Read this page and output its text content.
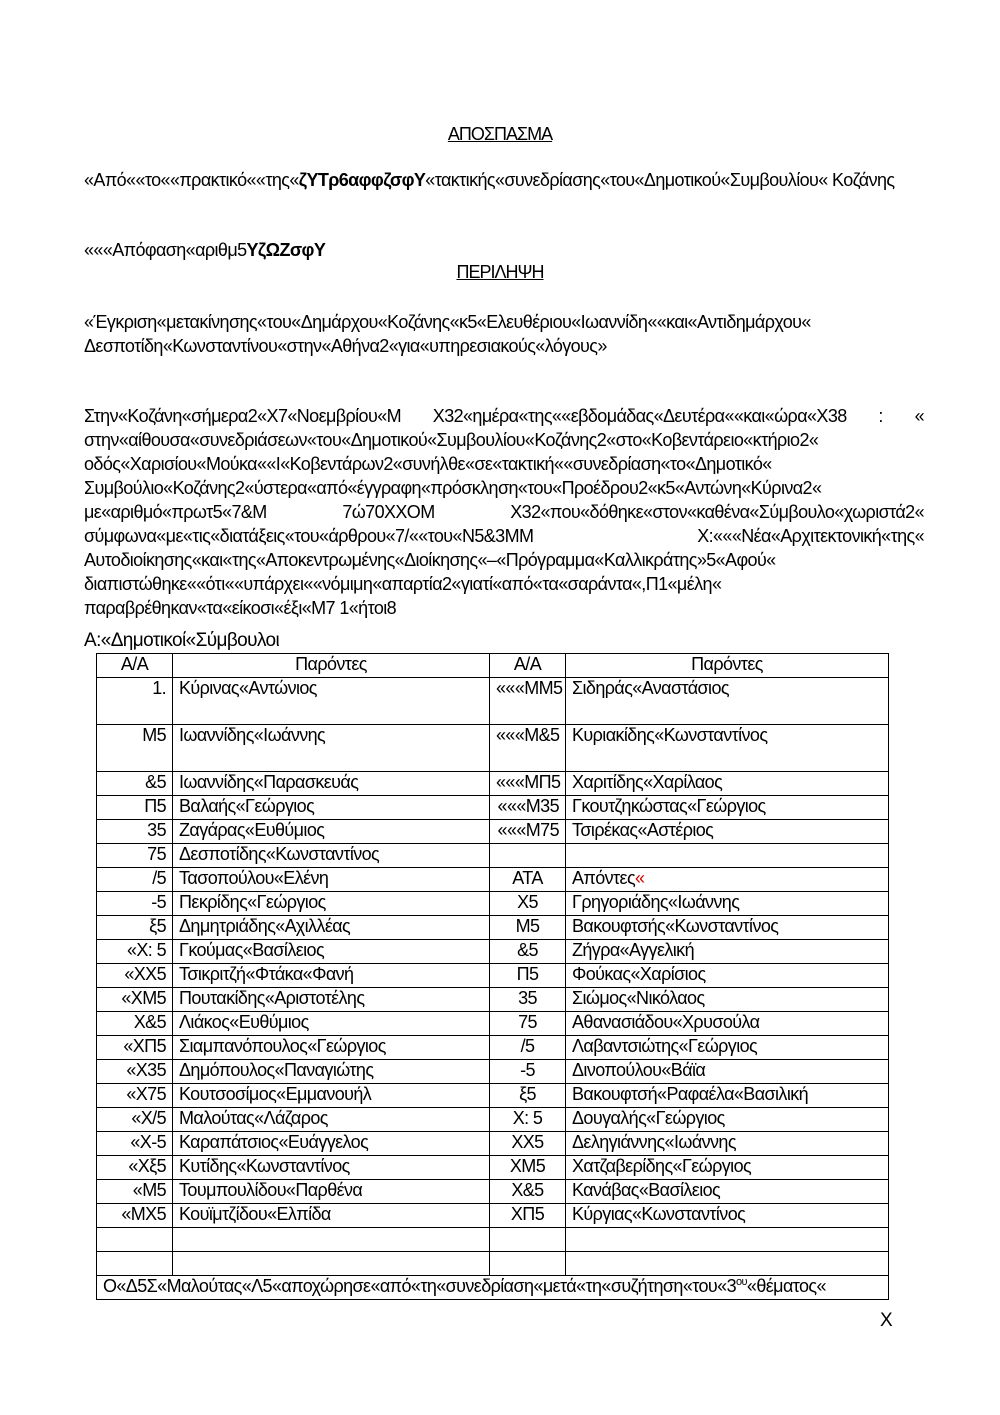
ΑΠΟΣΠΑΣΜΑ
«Από««το««πρακτικό««της«ζΥΤρ6αφφζσφΥ«τακτικής«συνεδρίασης«του«Δημοτικού«Συμβουλίου« Κοζάνης
«««Απόφαση«αριθμ5ΥζΩΖσφΥ
ΠΕΡΙΛΗΨΗ
«Έγκριση«μετακίνησης«του«Δημάρχου«Κοζάνης«κ5«Ελευθέριου«Ιωαννίδη««και«Αντιδημάρχου« Δεσποτίδη«Κωνσταντίνου«στην«Αθήνα2«για«υπηρεσιακούς«λόγους»
Στην«Κοζάνη«σήμερα2«Χ7«Νοεμβρίου«Μ Χ32«ημέρα«της««εβδομάδας«Δευτέρα««και«ώρα«Χ38 : « στην«αίθουσα«συνεδριάσεων«του«Δημοτικού«Συμβουλίου«Κοζάνης2«στο«Κοβεντάρειο«κτήριο2« οδός«Χαρισίου«Μούκα««Ι«Κοβεντάρων2«συνήλθε«σε«τακτική««συνεδρίαση«το«Δημοτικό« Συμβούλιο«Κοζάνης2«ύστερα«από«έγγραφη«πρόσκληση«του«Προέδρου2«κ5«Αντώνη«Κύρινα2« με«αριθμό«πρωτ5«7&Μ 7ώ70ΧΧΟΜ Χ32«που«δόθηκε«στον«καθένα«Σύμβουλο«χωριστά2« σύμφωνα«με«τις«διατάξεις«του«άρθρου«7/««του«Ν5&3ΜΜ Χ:«««Νέα«Αρχιτεκτονική«της« Αυτοδιοίκησης«και«της«Αποκεντρωμένης«Διοίκησης«–«Πρόγραμμα«Καλλικράτης»5«Αφού« διαπιστώθηκε««ότι««υπάρχει««νόμιμη«απαρτία2«γιατί«από«τα«σαράντα«,Π1«μέλη« παραβρέθηκαν«τα«είκοσι«έξι«Μ7 1«ήτοι8
Α:«Δημοτικοί«Σύμβουλοι
Α/Α	Παρόντες	Α/Α	Παρόντες
1.	Κύρινας«Αντώνιος	«««ΜΜ5	Σιδηράς«Αναστάσιος
Μ5	Ιωαννίδης«Ιωάννης	«««Μ&5	Κυριακίδης«Κωνσταντίνος
&5	Ιωαννίδης«Παρασκευάς	«««ΜΠ5	Χαριτίδης«Χαρίλαος
Π5	Βαλαής«Γεώργιος	«««Μ35	Γκουτζηκώστας«Γεώργιος
35	Ζαγάρας«Ευθύμιος	«««Μ75	Τσιρέκας«Αστέριος
75	Δεσποτίδης«Κωνσταντίνος		
/5	Τασοπούλου«Ελένη	ΑΤΑ	Απόντες«
-5	Πεκρίδης«Γεώργιος	Χ5	Γρηγοριάδης«Ιωάννης
ξ5	Δημητριάδης«Αχιλλέας	Μ5	Βακουφτσής«Κωνσταντίνος
«Χ: 5	Γκούμας«Βασίλειος	&5	Ζήγρα«Αγγελική
«ΧΧ5	Τσικριτζή«Φτάκα«Φανή	Π5	Φούκας«Χαρίσιος
«ΧΜ5	Πουτακίδης«Αριστοτέλης	35	Σιώμος«Νικόλαος
Χ&5	Λιάκος«Ευθύμιος	75	Αθανασιάδου«Χρυσούλα
«ΧΠ5	Σιαμπανόπουλος«Γεώργιος	/5	Λαβαντσιώτης«Γεώργιος
«Χ35	Δημόπουλος«Παναγιώτης	-5	Δινοπούλου«Βάϊα
«Χ75	Κουτσοσίμος«Εμμανουήλ	ξ5	Βακουφτσή«Ραφαέλα«Βασιλική
«Χ/5	Μαλούτας«Λάζαρος	Χ: 5	Δουγαλής«Γεώργιος
«Χ-5	Καραπάτσιος«Ευάγγελος	ΧΧ5	Δεληγιάννης«Ιωάννης
«Χξ5	Κυτίδης«Κωνσταντίνος	ΧΜ5	Χατζαβερίδης«Γεώργιος
«Μ5	Τουμπουλίδου«Παρθένα	Χ&5	Κανάβας«Βασίλειος
«ΜΧ5	Κουϊμτζίδου«Ελπίδα	ΧΠ5	Κύργιας«Κωνσταντίνος

$O«\Delta 5\Sigma«M\alpha\lambda oύ\tau\alpha\varsigma«\Lambda 5«\alpha\pi o\chi ώ\rho\eta\sigma\varepsilon«\alpha\pi ό«\tau\eta«\sigma\upsilon\nu\varepsilon\delta\rho ί\alpha\sigma\eta«\mu\varepsilon\tau ά«\tau\eta«\sigma\upsilon\zeta ή\tau\eta\sigma\eta«\tau o\upsilon«3^{o\upsilon}«\theta έ\mu\alpha\tau o\varsigma«$			
Χ
